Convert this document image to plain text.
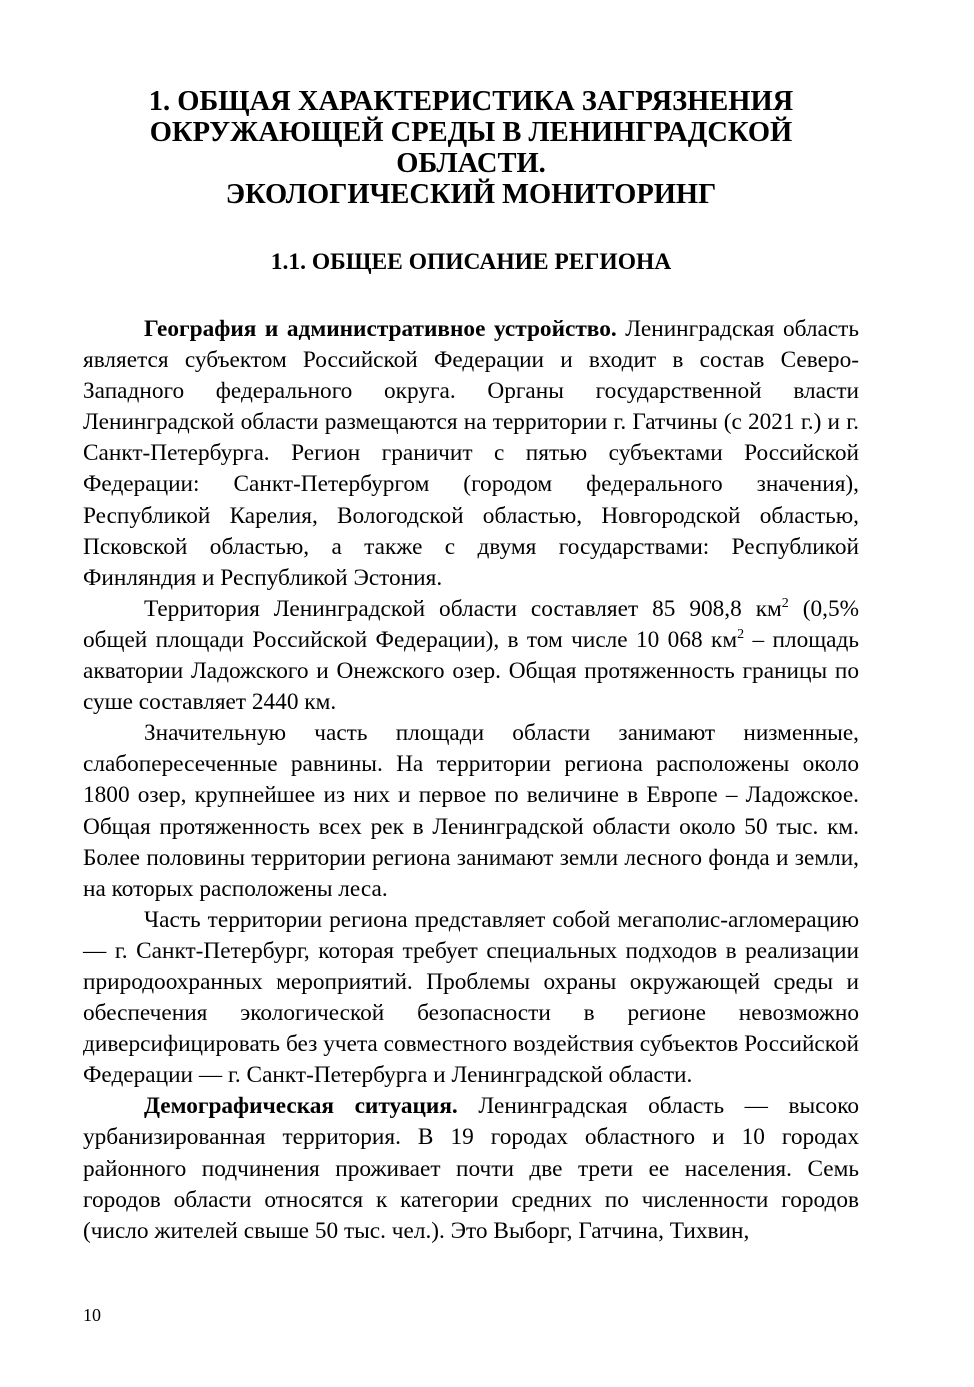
1. ОБЩАЯ ХАРАКТЕРИСТИКА ЗАГРЯЗНЕНИЯ
ОКРУЖАЮЩЕЙ СРЕДЫ В ЛЕНИНГРАДСКОЙ
ОБЛАСТИ.
ЭКОЛОГИЧЕСКИЙ МОНИТОРИНГ
1.1. ОБЩЕЕ ОПИСАНИЕ РЕГИОНА

География и административное устройство. Ленинградская область является субъектом Российской Федерации и входит в состав Северо-Западного федерального округа. Органы государственной власти Ленинградской области размещаются на территории г. Гатчины (с 2021 г.) и г. Санкт-Петербурга. Регион граничит с пятью субъектами Российской Федерации: Санкт-Петербургом (городом федерального значения), Республикой Карелия, Вологодской областью, Новгородской областью, Псковской областью, а также с двумя государствами: Республикой Финляндия и Республикой Эстония.

Территория Ленинградской области составляет 85 908,8 $км^2$ (0,5% общей площади Российской Федерации), в том числе 10 068 $км^2$ – площадь акватории Ладожского и Онежского озер. Общая протяженность границы по суше составляет 2440 км.

Значительную часть площади области занимают низменные, слабопересеченные равнины. На территории региона расположены около 1800 озер, крупнейшее из них и первое по величине в Европе – Ладожское. Общая протяженность всех рек в Ленинградской области около 50 тыс. км. Более половины территории региона занимают земли лесного фонда и земли, на которых расположены леса.

Часть территории региона представляет собой мегаполис-агломерацию — г. Санкт-Петербург, которая требует специальных подходов в реализации природоохранных мероприятий. Проблемы охраны окружающей среды и обеспечения экологической безопасности в регионе невозможно диверсифицировать без учета совместного воздействия субъектов Российской Федерации — г. Санкт-Петербурга и Ленинградской области.

Демографическая ситуация. Ленинградская область — высоко урбанизированная территория. В 19 городах областного и 10 городах районного подчинения проживает почти две трети ее населения. Семь городов области относятся к категории средних по численности городов (число жителей свыше 50 тыс. чел.). Это Выборг, Гатчина, Тихвин,

10
